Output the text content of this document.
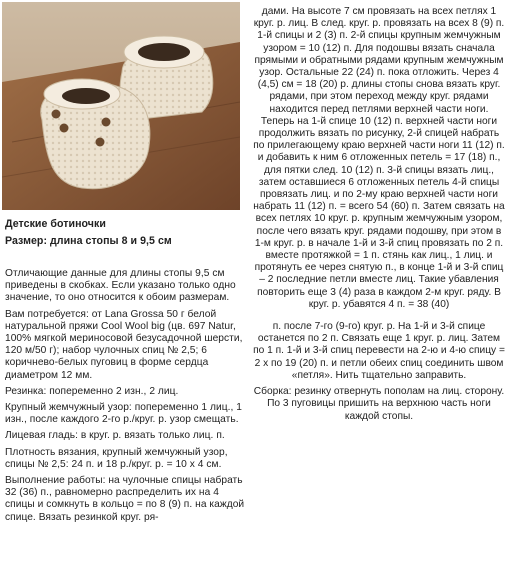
Детские ботиночки

Размер: длина стопы 8 и 9,5 см

Отличающие данные для длины стопы 9,5 см приведены в скобках. Если указано только одно значение, то оно относится к обоим размерам.

Вам потребуется: от Lana Grossa 50 г белой натуральной пряжи Cool Wool big (цв. 697 Natur, 100% мягкой мериносовой безусадочной шерсти, 120 м/50 г); набор чулочных спиц № 2,5; 6 коричнево-белых пуговиц в форме сердца диаметром 12 мм.

Резинка: попеременно 2 изн., 2 лиц.

Крупный жемчужный узор: попеременно 1 лиц., 1 изн., после каждого 2-го р./круг. р. узор смещать.

Лицевая гладь: в круг. р. вязать только лиц. п.

Плотность вязания, крупный жемчужный узор, спицы № 2,5: 24 п. и 18 р./круг. р. = 10 х 4 см.

Выполнение работы: на чулочные спицы набрать 32 (36) п., равномерно распределить их на 4 спицы и сомкнуть в кольцо = по 8 (9) п. на каждой спице. Вязать резинкой круг. ря-

дами. На высоте 7 см провязать на всех петлях 1 круг. р. лиц. В след. круг. р. провязать на всех 8 (9) п. 1-й спицы и 2 (3) п. 2-й спицы крупным жемчужным узором = 10 (12) п. Для подошвы вязать сначала прямыми и обратными рядами крупным жемчужным узор. Остальные 22 (24) п. пока отложить. Через 4 (4,5) см = 18 (20) р. длины стопы снова вязать круг. рядами, при этом переход между круг. рядами находится перед петлями верхней части ноги. Теперь на 1-й спице 10 (12) п. верхней части ноги продолжить вязать по рисунку, 2-й спицей набрать по прилегающему краю верхней части ноги 11 (12) п. и добавить к ним 6 отложенных петель = 17 (18) п., для пятки след. 10 (12) п. 3-й спицы вязать лиц., затем оставшиеся 6 отложенных петель 4-й спицы провязать лиц. и по 2-му краю верхней части ноги набрать 11 (12) п. = всего 54 (60) п. Затем связать на всех петлях 10 круг. р. крупным жемчужным узором, после чего вязать круг. рядами подошву, при этом в 1-м круг. р. в начале 1-й и 3-й спиц провязать по 2 п. вместе протяжкой = 1 п. стянь как лиц., 1 лиц. и протянуть ее через снятую п., в конце 1-й и 3-й спиц – 2 последние петли вместе лиц. Такие убавления повторить еще 3 (4) раза в каждом 2-м круг. ряду. В круг. р. убавятся 4 п. = 38 (40)

п. после 7-го (9-го) круг. р. На 1-й и 3-й спице останется по 2 п. Связать еще 1 круг. р. лиц. Затем по 1 п. 1-й и 3-й спиц перевести на 2-ю и 4-ю спицу = 2 х по 19 (20) п. и петли обеих спиц соединить швом «петля». Нить тщательно заправить.

Сборка: резинку отвернуть пополам на лиц. сторону. По 3 пуговицы пришить на верхнюю часть ноги каждой стопы.
